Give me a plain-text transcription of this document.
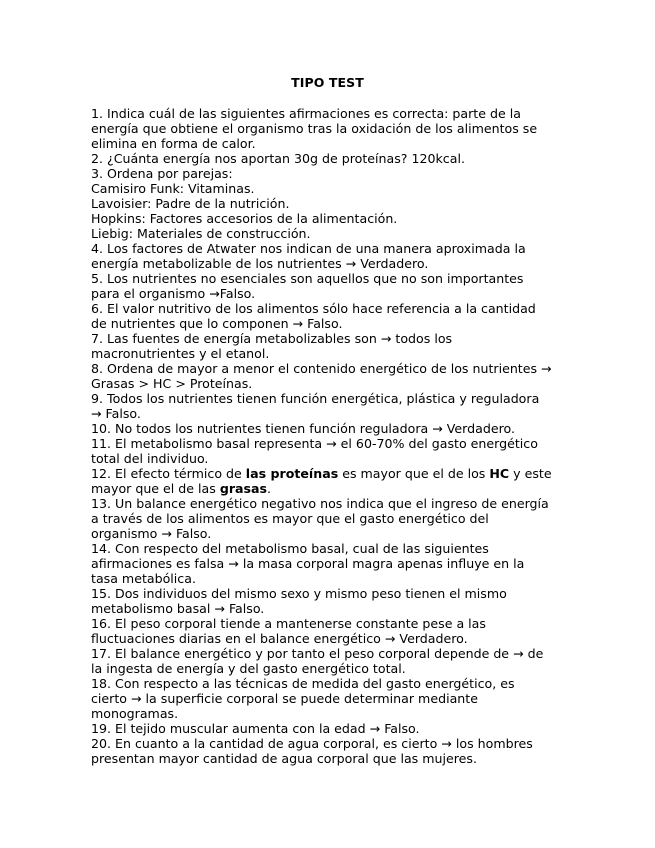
TIPO TEST
1. Indica cuál de las siguientes afirmaciones es correcta: parte de la
energía que obtiene el organismo tras la oxidación de los alimentos se
elimina en forma de calor.
2. ¿Cuánta energía nos aportan 30g de proteínas? 120kcal.
3. Ordena por parejas:
Camisiro Funk: Vitaminas.
Lavoisier: Padre de la nutrición.
Hopkins: Factores accesorios de la alimentación.
Liebig: Materiales de construcción.
4. Los factores de Atwater nos indican de una manera aproximada la
energía metabolizable de los nutrientes → Verdadero.
5. Los nutrientes no esenciales son aquellos que no son importantes
para el organismo →Falso.
6. El valor nutritivo de los alimentos sólo hace referencia a la cantidad
de nutrientes que lo componen → Falso.
7. Las fuentes de energía metabolizables son → todos los
macronutrientes y el etanol.
8. Ordena de mayor a menor el contenido energético de los nutrientes →
Grasas > HC > Proteínas.
9. Todos los nutrientes tienen función energética, plástica y reguladora
→ Falso.
10. No todos los nutrientes tienen función reguladora → Verdadero.
11. El metabolismo basal representa → el 60-70% del gasto energético
total del individuo.
12. El efecto térmico de las proteínas es mayor que el de los HC y este
mayor que el de las grasas.
13. Un balance energético negativo nos indica que el ingreso de energía
a través de los alimentos es mayor que el gasto energético del
organismo → Falso.
14. Con respecto del metabolismo basal, cual de las siguientes
afirmaciones es falsa → la masa corporal magra apenas influye en la
tasa metabólica.
15. Dos individuos del mismo sexo y mismo peso tienen el mismo
metabolismo basal → Falso.
16. El peso corporal tiende a mantenerse constante pese a las
fluctuaciones diarias en el balance energético → Verdadero.
17. El balance energético y por tanto el peso corporal depende de → de
la ingesta de energía y del gasto energético total.
18. Con respecto a las técnicas de medida del gasto energético, es
cierto → la superficie corporal se puede determinar mediante
monogramas.
19. El tejido muscular aumenta con la edad → Falso.
20. En cuanto a la cantidad de agua corporal, es cierto → los hombres
presentan mayor cantidad de agua corporal que las mujeres.
